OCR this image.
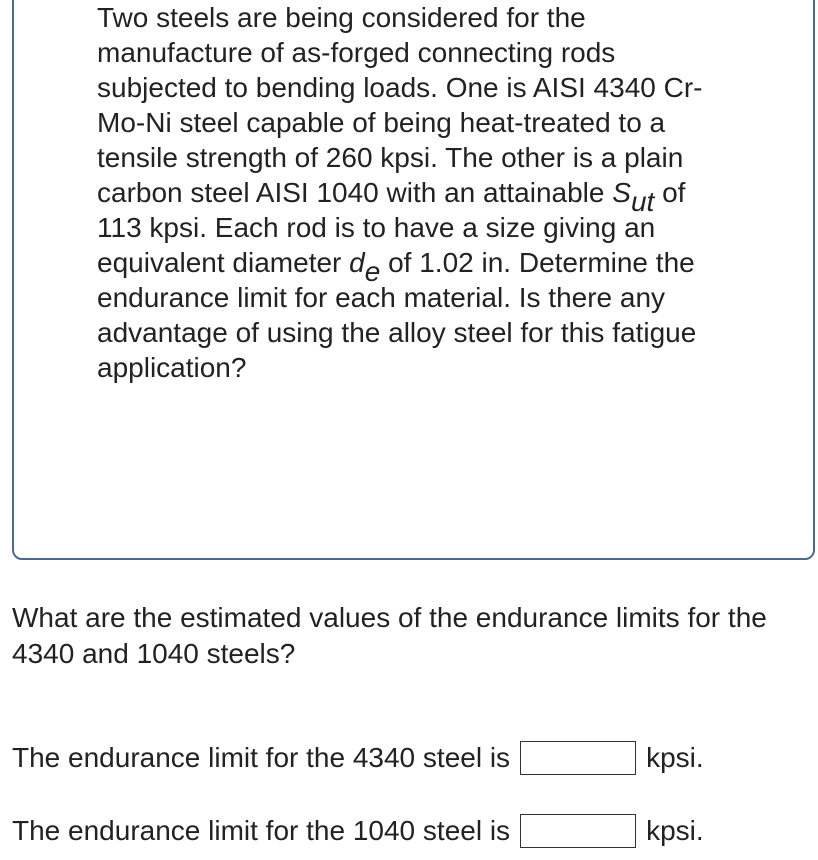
Two steels are being considered for the manufacture of as-forged connecting rods subjected to bending loads. One is AISI 4340 Cr-Mo-Ni steel capable of being heat-treated to a tensile strength of 260 kpsi. The other is a plain carbon steel AISI 1040 with an attainable $S_{ut}$ of 113 kpsi. Each rod is to have a size giving an equivalent diameter $d_e$ of 1.02 in. Determine the endurance limit for each material. Is there any advantage of using the alloy steel for this fatigue application?
What are the estimated values of the endurance limits for the 4340 and 1040 steels?
The endurance limit for the 4340 steel is	kpsi.
The endurance limit for the 1040 steel is	kpsi.
